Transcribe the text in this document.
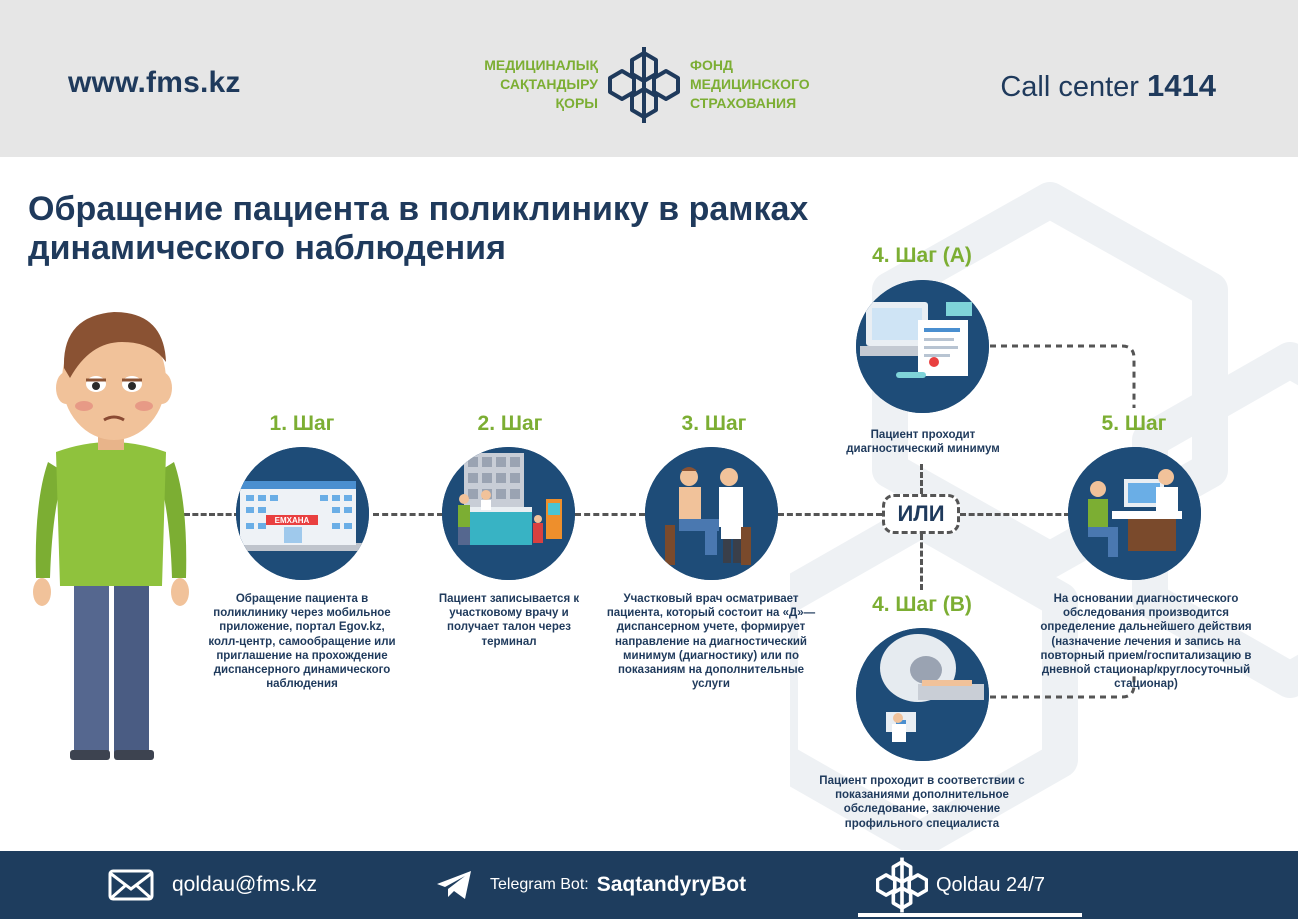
www.fms.kz
МЕДИЦИНАЛЫҚ
САҚТАНДЫРУ
ҚОРЫ
ФОНД
МЕДИЦИНСКОГО
СТРАХОВАНИЯ	Call center 1414
Обращение пациента в поликлинику в рамках динамического наблюдения
1. Шаг
ЕМХАНА
Обращение пациента в поликлинику через мобильное приложение, портал Egov.kz, колл-центр, самообращение или приглашение на прохождение диспансерного динамического наблюдения
2. Шаг
Пациент записывается к участковому врачу и получает талон через терминал
3. Шаг
Участковый врач осматривает пациента, который состоит на «Д»—диспансерном учете, формирует направление на диагностический минимум (диагностику) или по показаниям на дополнительные услуги
4. Шаг (A)
Пациент проходит диагностический минимум
ИЛИ
4. Шаг (B)
Пациент проходит в соответствии с показаниями дополнительное обследование, заключение профильного специалиста
5. Шаг
На основании диагностического обследования производится определение дальнейшего действия (назначение лечения и запись на повторный прием/госпитализацию в дневной стационар/круглосуточный стационар)
qoldau@fms.kz	Telegram Bot: SaqtandyryBot	Qoldau 24/7
